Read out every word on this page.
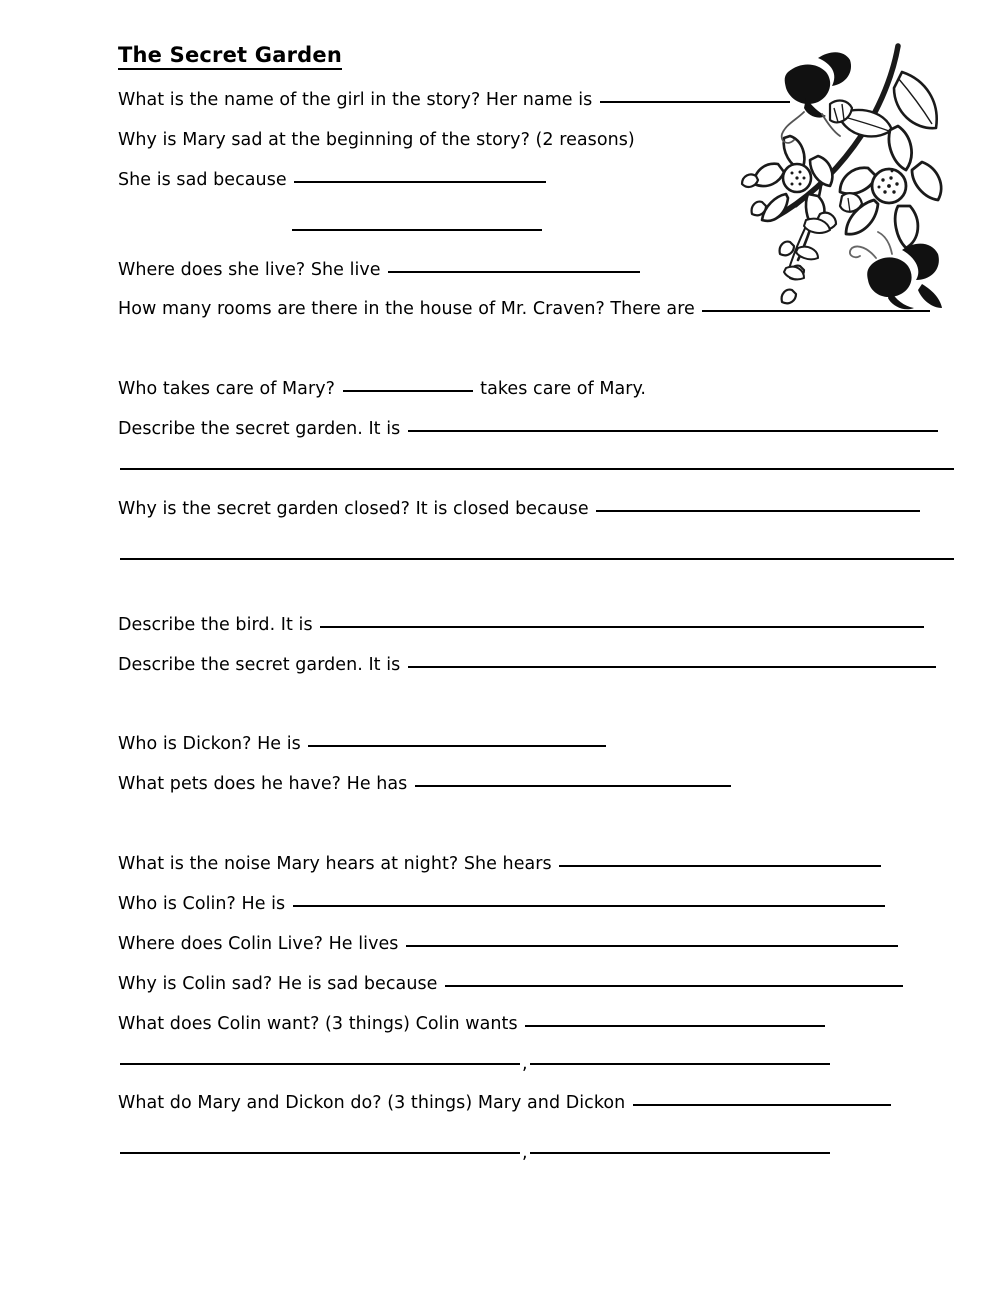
The Secret Garden
What is the name of the girl in the story? Her name is
Why is Mary sad at the beginning of the story? (2 reasons)
She is sad because
Where does she live? She live
How many rooms are there in the house of Mr. Craven? There are
Who takes care of Mary?	takes care of Mary.
Describe the secret garden. It is
Why is the secret garden closed? It is closed because
Describe the bird. It is
Describe the secret garden. It is
Who is Dickon? He is
What pets does he have? He has
What is the noise Mary hears at night? She hears
Who is Colin? He is
Where does Colin Live? He lives
Why is Colin sad? He is sad because
What does Colin want? (3 things) Colin wants
,
What do Mary and Dickon do? (3 things) Mary and Dickon
,
